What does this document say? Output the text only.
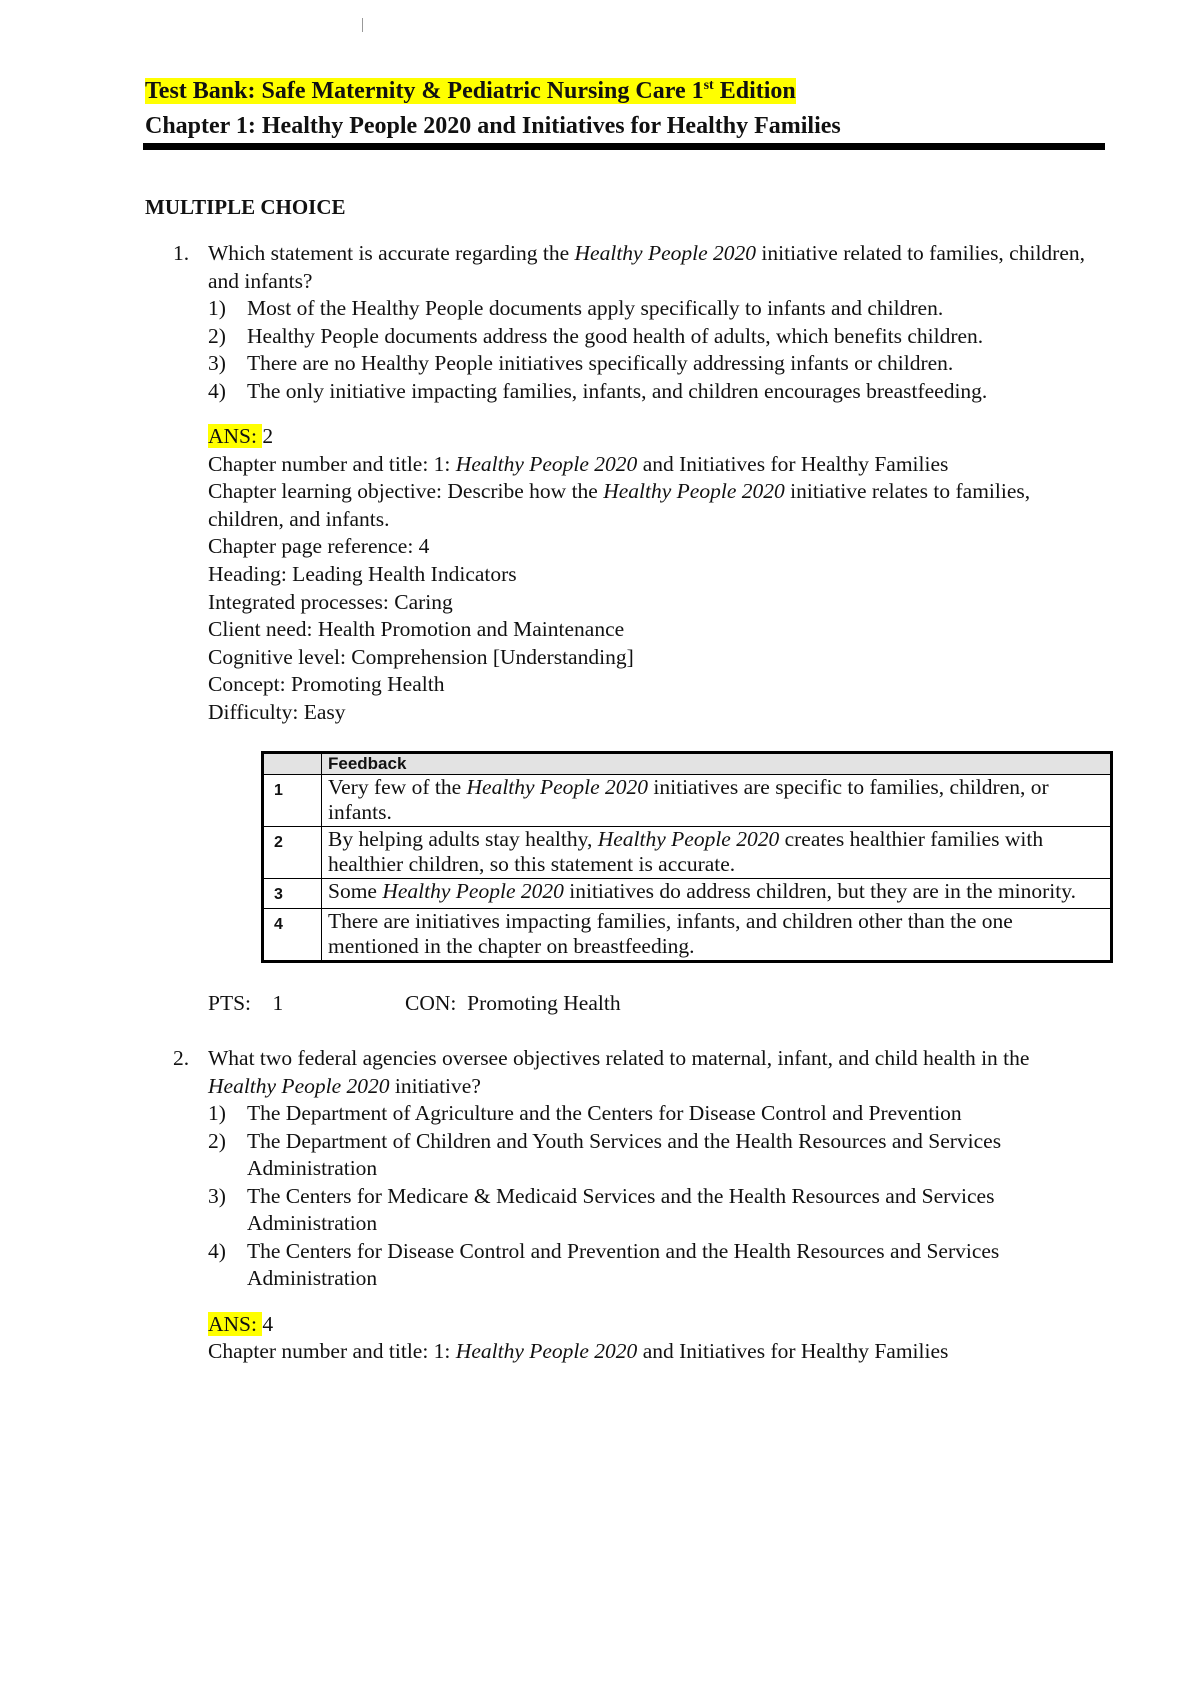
Test Bank: Safe Maternity & Pediatric Nursing Care 1st Edition
Chapter 1: Healthy People 2020 and Initiatives for Healthy Families
MULTIPLE CHOICE
1. Which statement is accurate regarding the Healthy People 2020 initiative related to families, children, and infants?
1) Most of the Healthy People documents apply specifically to infants and children.
2) Healthy People documents address the good health of adults, which benefits children.
3) There are no Healthy People initiatives specifically addressing infants or children.
4) The only initiative impacting families, infants, and children encourages breastfeeding.
ANS: 2
Chapter number and title: 1: Healthy People 2020 and Initiatives for Healthy Families
Chapter learning objective: Describe how the Healthy People 2020 initiative relates to families, children, and infants.
Chapter page reference: 4
Heading: Leading Health Indicators
Integrated processes: Caring
Client need: Health Promotion and Maintenance
Cognitive level: Comprehension [Understanding]
Concept: Promoting Health
Difficulty: Easy
	Feedback
1	Very few of the Healthy People 2020 initiatives are specific to families, children, or infants.
2	By helping adults stay healthy, Healthy People 2020 creates healthier families with healthier children, so this statement is accurate.
3	Some Healthy People 2020 initiatives do address children, but they are in the minority.
4	There are initiatives impacting families, infants, and children other than the one mentioned in the chapter on breastfeeding.
PTS:    1	CON:  Promoting Health
2. What two federal agencies oversee objectives related to maternal, infant, and child health in the Healthy People 2020 initiative?
1) The Department of Agriculture and the Centers for Disease Control and Prevention
2) The Department of Children and Youth Services and the Health Resources and Services Administration
3) The Centers for Medicare & Medicaid Services and the Health Resources and Services Administration
4) The Centers for Disease Control and Prevention and the Health Resources and Services Administration
ANS: 4
Chapter number and title: 1: Healthy People 2020 and Initiatives for Healthy Families
